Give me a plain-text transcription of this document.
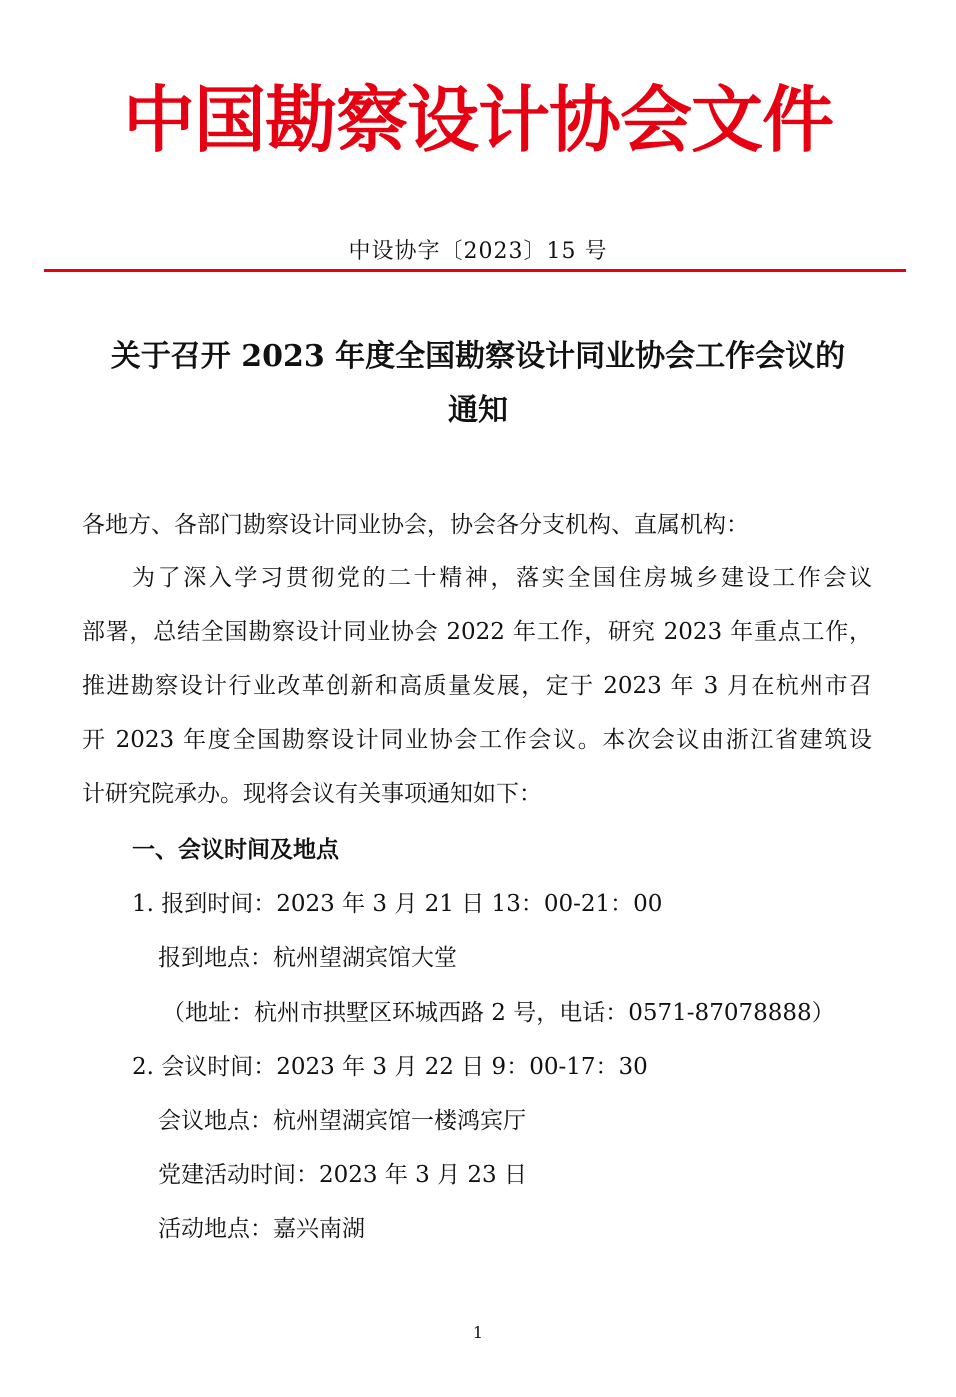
中国勘察设计协会文件
中设协字〔2023〕15 号
关于召开 2023 年度全国勘察设计同业协会工作会议的
通知
各地方、各部门勘察设计同业协会，协会各分支机构、直属机构：
为了深入学习贯彻党的二十精神，落实全国住房城乡建设工作会议
部署，总结全国勘察设计同业协会 2022 年工作，研究 2023 年重点工作，
推进勘察设计行业改革创新和高质量发展，定于 2023 年 3 月在杭州市召
开 2023 年度全国勘察设计同业协会工作会议。本次会议由浙江省建筑设
计研究院承办。现将会议有关事项通知如下：
一、会议时间及地点
1. 报到时间：2023 年 3 月 21 日 13：00-21：00
报到地点：杭州望湖宾馆大堂
（地址：杭州市拱墅区环城西路 2 号，电话：0571-87078888）
2. 会议时间：2023 年 3 月 22 日 9：00-17：30
会议地点：杭州望湖宾馆一楼鸿宾厅
党建活动时间：2023 年 3 月 23 日
活动地点：嘉兴南湖
1
